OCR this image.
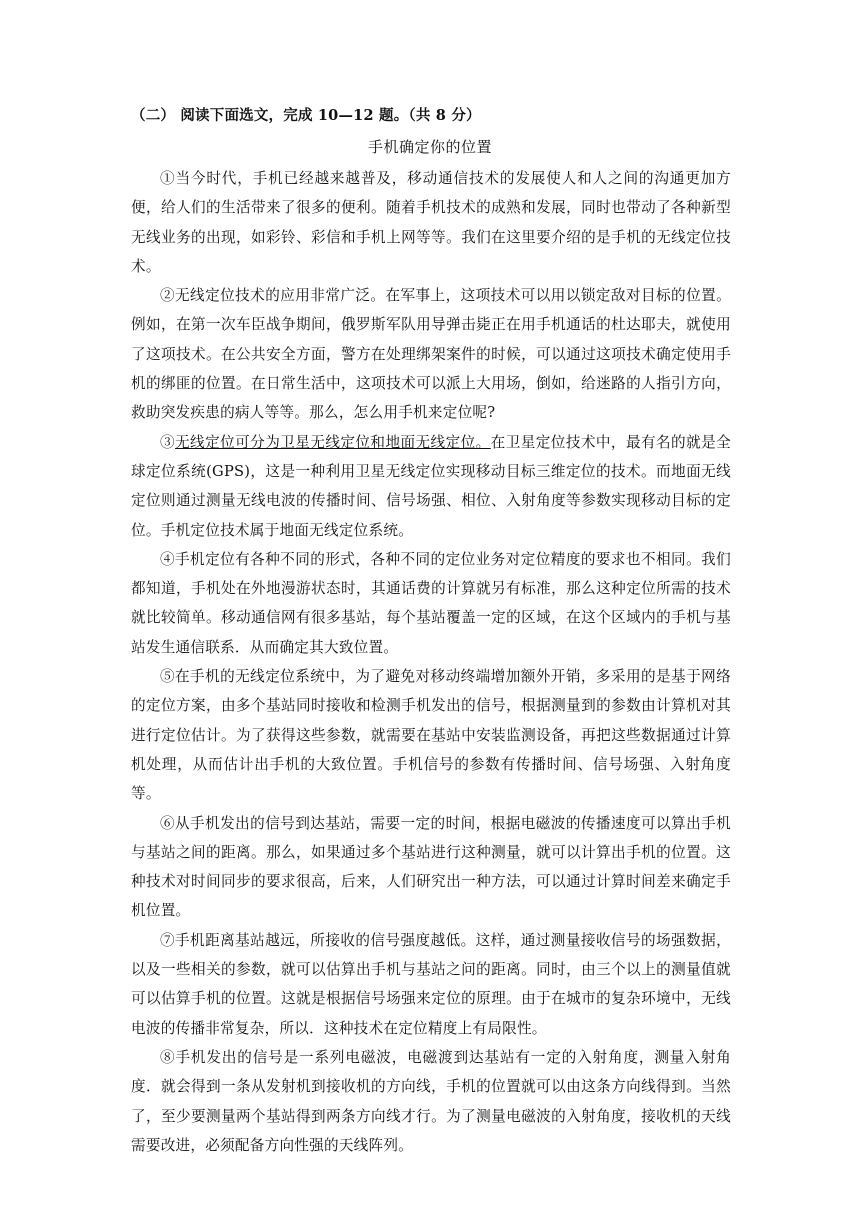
（二） 阅读下面选文，完成 10—12 题。（共 8 分）
手机确定你的位置

①当今时代，手机已经越来越普及，移动通信技术的发展使人和人之间的沟通更加方便，给人们的生活带来了很多的便利。随着手机技术的成熟和发展，同时也带动了各种新型无线业务的出现，如彩铃、彩信和手机上网等等。我们在这里要介绍的是手机的无线定位技术。

②无线定位技术的应用非常广泛。在军事上，这项技术可以用以锁定敌对目标的位置。例如，在第一次车臣战争期间，俄罗斯军队用导弹击毙正在用手机通话的杜达耶夫，就使用了这项技术。在公共安全方面，警方在处理绑架案件的时候，可以通过这项技术确定使用手机的绑匪的位置。在日常生活中，这项技术可以派上大用场，倒如，给迷路的人指引方向，救助突发疾患的病人等等。那么，怎么用手机来定位呢?

③无线定位可分为卫星无线定位和地面无线定位。在卫星定位技术中，最有名的就是全球定位系统(GPS)，这是一种利用卫星无线定位实现移动目标三维定位的技术。而地面无线定位则通过测量无线电波的传播时间、信号场强、相位、入射角度等参数实现移动目标的定位。手机定位技术属于地面无线定位系统。

④手机定位有各种不同的形式，各种不同的定位业务对定位精度的要求也不相同。我们都知道，手机处在外地漫游状态时，其通话费的计算就另有标准，那么这种定位所需的技术就比较简单。移动通信网有很多基站，每个基站覆盖一定的区域，在这个区域内的手机与基站发生通信联系．从而确定其大致位置。

⑤在手机的无线定位系统中，为了避免对移动终端增加额外开销，多采用的是基于网络的定位方案，由多个基站同时接收和检测手机发出的信号，根据测量到的参数由计算机对其进行定位估计。为了获得这些参数，就需要在基站中安装监测设备，再把这些数据通过计算机处理，从而估计出手机的大致位置。手机信号的参数有传播时间、信号场强、入射角度等。

⑥从手机发出的信号到达基站，需要一定的时间，根据电磁波的传播速度可以算出手机与基站之间的距离。那么，如果通过多个基站进行这种测量，就可以计算出手机的位置。这种技术对时间同步的要求很高，后来，人们研究出一种方法，可以通过计算时间差来确定手机位置。

⑦手机距离基站越远，所接收的信号强度越低。这样，通过测量接收信号的场强数据，以及一些相关的参数，就可以估算出手机与基站之问的距离。同时，由三个以上的测量值就可以估算手机的位置。这就是根据信号场强来定位的原理。由于在城市的复杂环境中，无线电波的传播非常复杂，所以．这种技术在定位精度上有局限性。

⑧手机发出的信号是一系列电磁波，电磁渡到达基站有一定的入射角度，测量入射角度．就会得到一条从发射机到接收机的方向线，手机的位置就可以由这条方向线得到。当然了，至少要测量两个基站得到两条方向线才行。为了测量电磁波的入射角度，接收机的天线需要改进，必须配备方向性强的天线阵列。
